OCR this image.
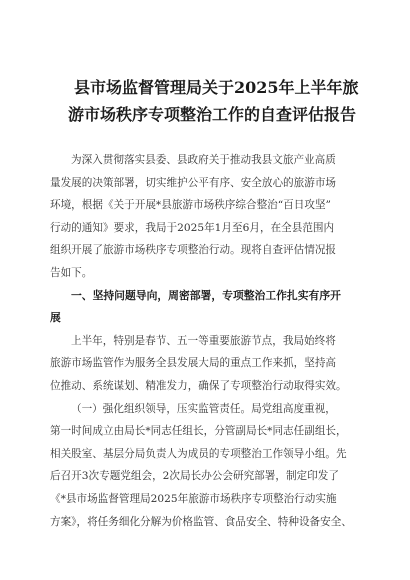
县市场监督管理局关于2025年上半年旅
游市场秩序专项整治工作的自查评估报告
为深入贯彻落实县委、县政府关于推动我县文旅产业高质
量发展的决策部署，切实维护公平有序、安全放心的旅游市场
环境，根据《关于开展*县旅游市场秩序综合整治“百日攻坚”
行动的通知》要求，我局于2025年1月至6月，在全县范围内
组织开展了旅游市场秩序专项整治行动。现将自查评估情况报
告如下。
一、坚持问题导向，周密部署，专项整治工作扎实有序开
展
上半年，特别是春节、五一等重要旅游节点，我局始终将
旅游市场监管作为服务全县发展大局的重点工作来抓，坚持高
位推动、系统谋划、精准发力，确保了专项整治行动取得实效。
（一）强化组织领导，压实监管责任。局党组高度重视，
第一时间成立由局长*同志任组长，分管副局长*同志任副组长，
相关股室、基层分局负责人为成员的专项整治工作领导小组。先
后召开3次专题党组会，2次局长办公会研究部署，制定印发了
《*县市场监督管理局2025年旅游市场秩序专项整治行动实施
方案》，将任务细化分解为价格监管、食品安全、特种设备安全、
